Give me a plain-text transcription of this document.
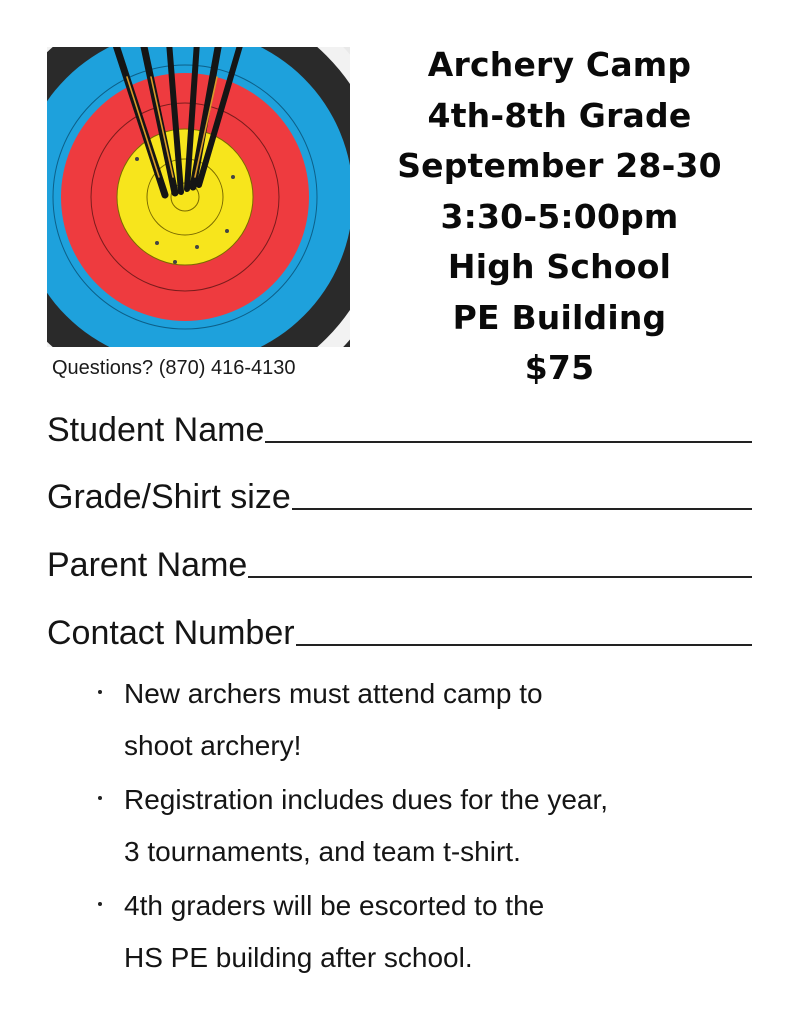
Questions? (870) 416-4130
Archery Camp
4th-8th Grade
September 28-30
3:30-5:00pm
High School
PE Building
$75
Student Name
Grade/Shirt size
Parent Name
Contact Number
New archers must attend camp to
shoot archery!
Registration includes dues for the year,
3 tournaments, and team t-shirt.
4th graders will be escorted to the
HS PE building after school.
